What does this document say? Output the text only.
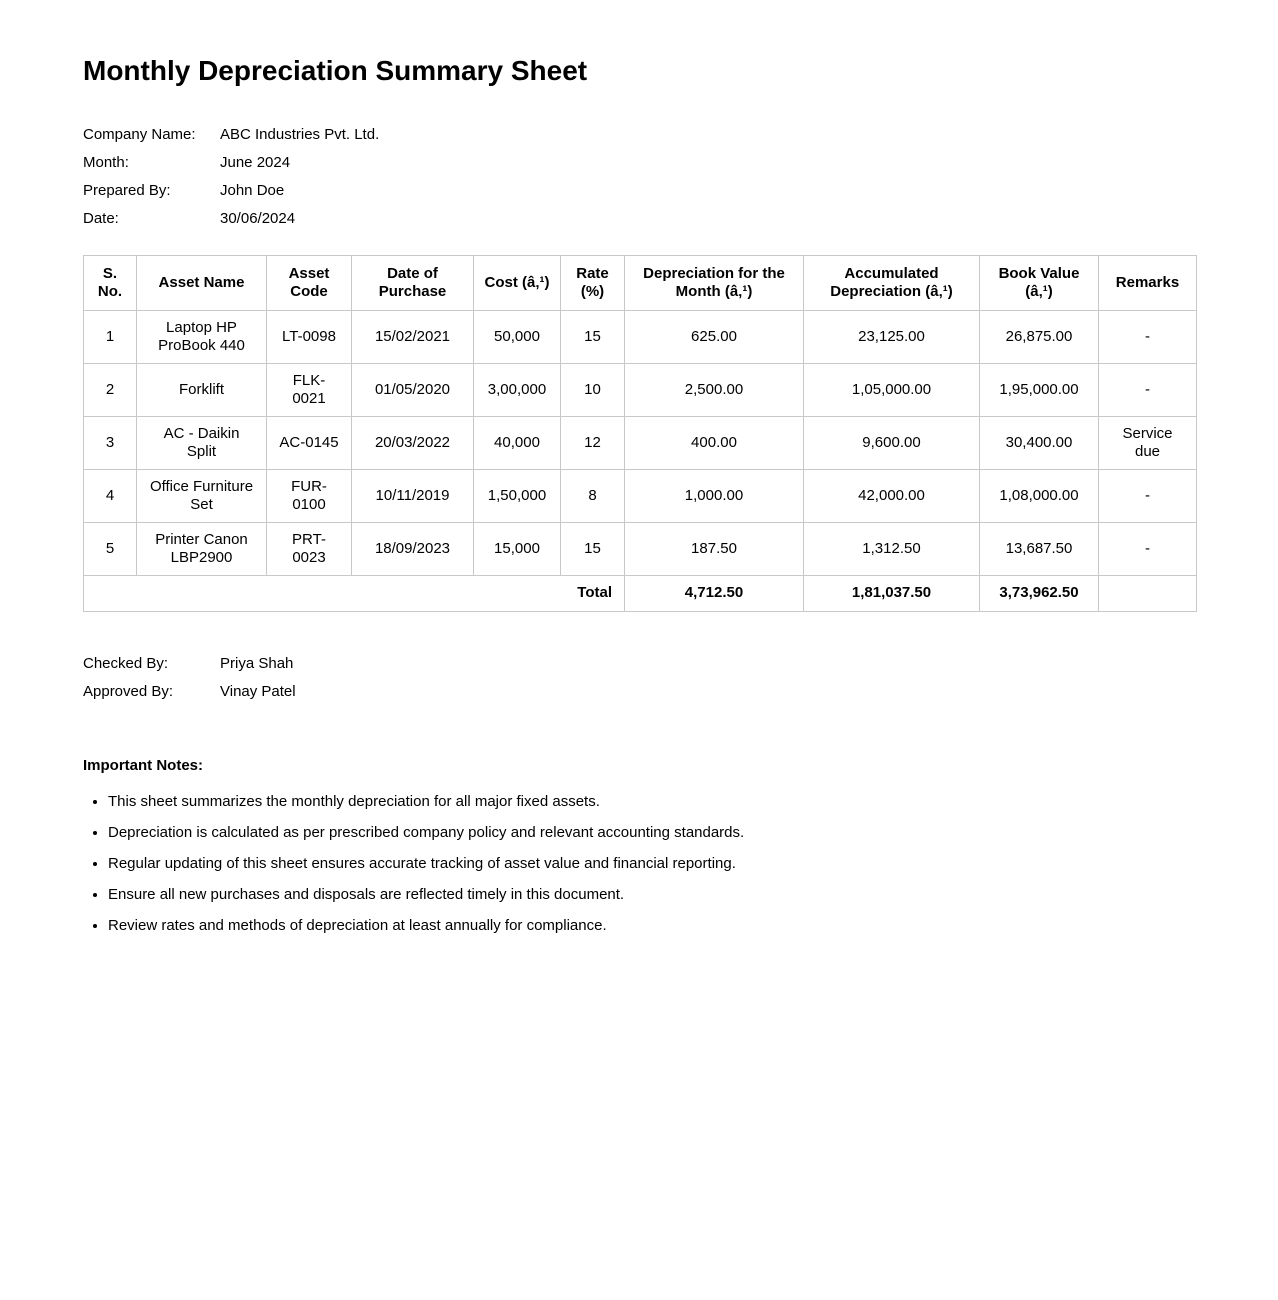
Monthly Depreciation Summary Sheet
Company Name:	ABC Industries Pvt. Ltd.
Month:	June 2024
Prepared By:	John Doe
Date:	30/06/2024
S. No.	Asset Name	Asset Code	Date of Purchase	Cost (â‚¹)	Rate (%)	Depreciation for the Month (â‚¹)	Accumulated Depreciation (â‚¹)	Book Value (â‚¹)	Remarks
1	Laptop HP ProBook 440	LT-0098	15/02/2021	50,000	15	625.00	23,125.00	26,875.00	-
2	Forklift	FLK-0021	01/05/2020	3,00,000	10	2,500.00	1,05,000.00	1,95,000.00	-
3	AC - Daikin Split	AC-0145	20/03/2022	40,000	12	400.00	9,600.00	30,400.00	Service due
4	Office Furniture Set	FUR-0100	10/11/2019	1,50,000	8	1,000.00	42,000.00	1,08,000.00	-
5	Printer Canon LBP2900	PRT-0023	18/09/2023	15,000	15	187.50	1,312.50	13,687.50	-
Total						4,712.50	1,81,037.50	3,73,962.50	
Checked By:	Priya Shah
Approved By:	Vinay Patel
Important Notes:
• This sheet summarizes the monthly depreciation for all major fixed assets.
• Depreciation is calculated as per prescribed company policy and relevant accounting standards.
• Regular updating of this sheet ensures accurate tracking of asset value and financial reporting.
• Ensure all new purchases and disposals are reflected timely in this document.
• Review rates and methods of depreciation at least annually for compliance.
